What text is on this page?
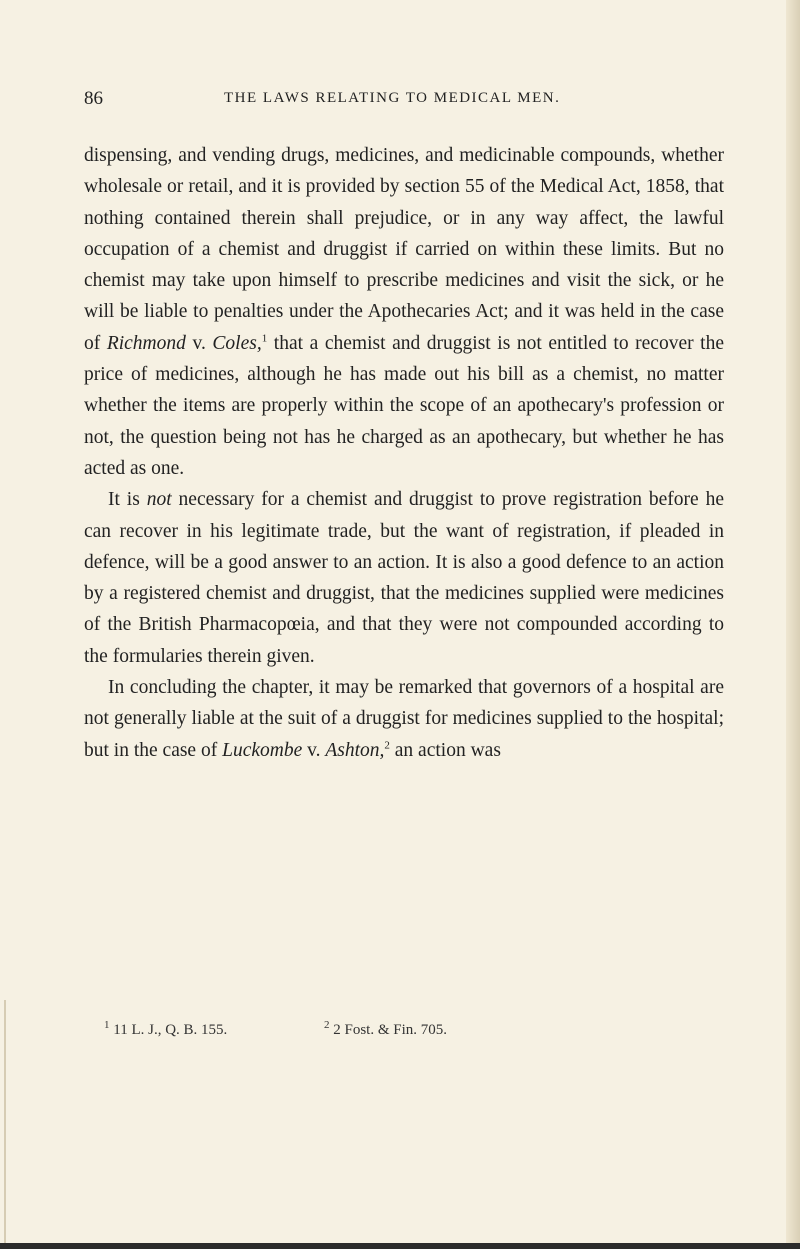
86	THE LAWS RELATING TO MEDICAL MEN.

dispensing, and vending drugs, medicines, and medicinable compounds, whether wholesale or retail, and it is provided by section 55 of the Medical Act, 1858, that nothing contained therein shall prejudice, or in any way affect, the lawful occupation of a chemist and druggist if carried on within these limits. But no chemist may take upon himself to prescribe medicines and visit the sick, or he will be liable to penalties under the Apothecaries Act; and it was held in the case of Richmond v. Coles,$^1$ that a chemist and druggist is not entitled to recover the price of medicines, although he has made out his bill as a chemist, no matter whether the items are properly within the scope of an apothecary's profession or not, the question being not has he charged as an apothecary, but whether he has acted as one.

It is not necessary for a chemist and druggist to prove registration before he can recover in his legitimate trade, but the want of registration, if pleaded in defence, will be a good answer to an action. It is also a good defence to an action by a registered chemist and druggist, that the medicines supplied were medicines of the British Pharmacopœia, and that they were not compounded according to the formularies therein given.

In concluding the chapter, it may be remarked that governors of a hospital are not generally liable at the suit of a druggist for medicines supplied to the hospital; but in the case of Luckombe v. Ashton,$^2$ an action was

$^1$ 11 L. J., Q. B. 155.	$^2$ 2 Fost. & Fin. 705.
